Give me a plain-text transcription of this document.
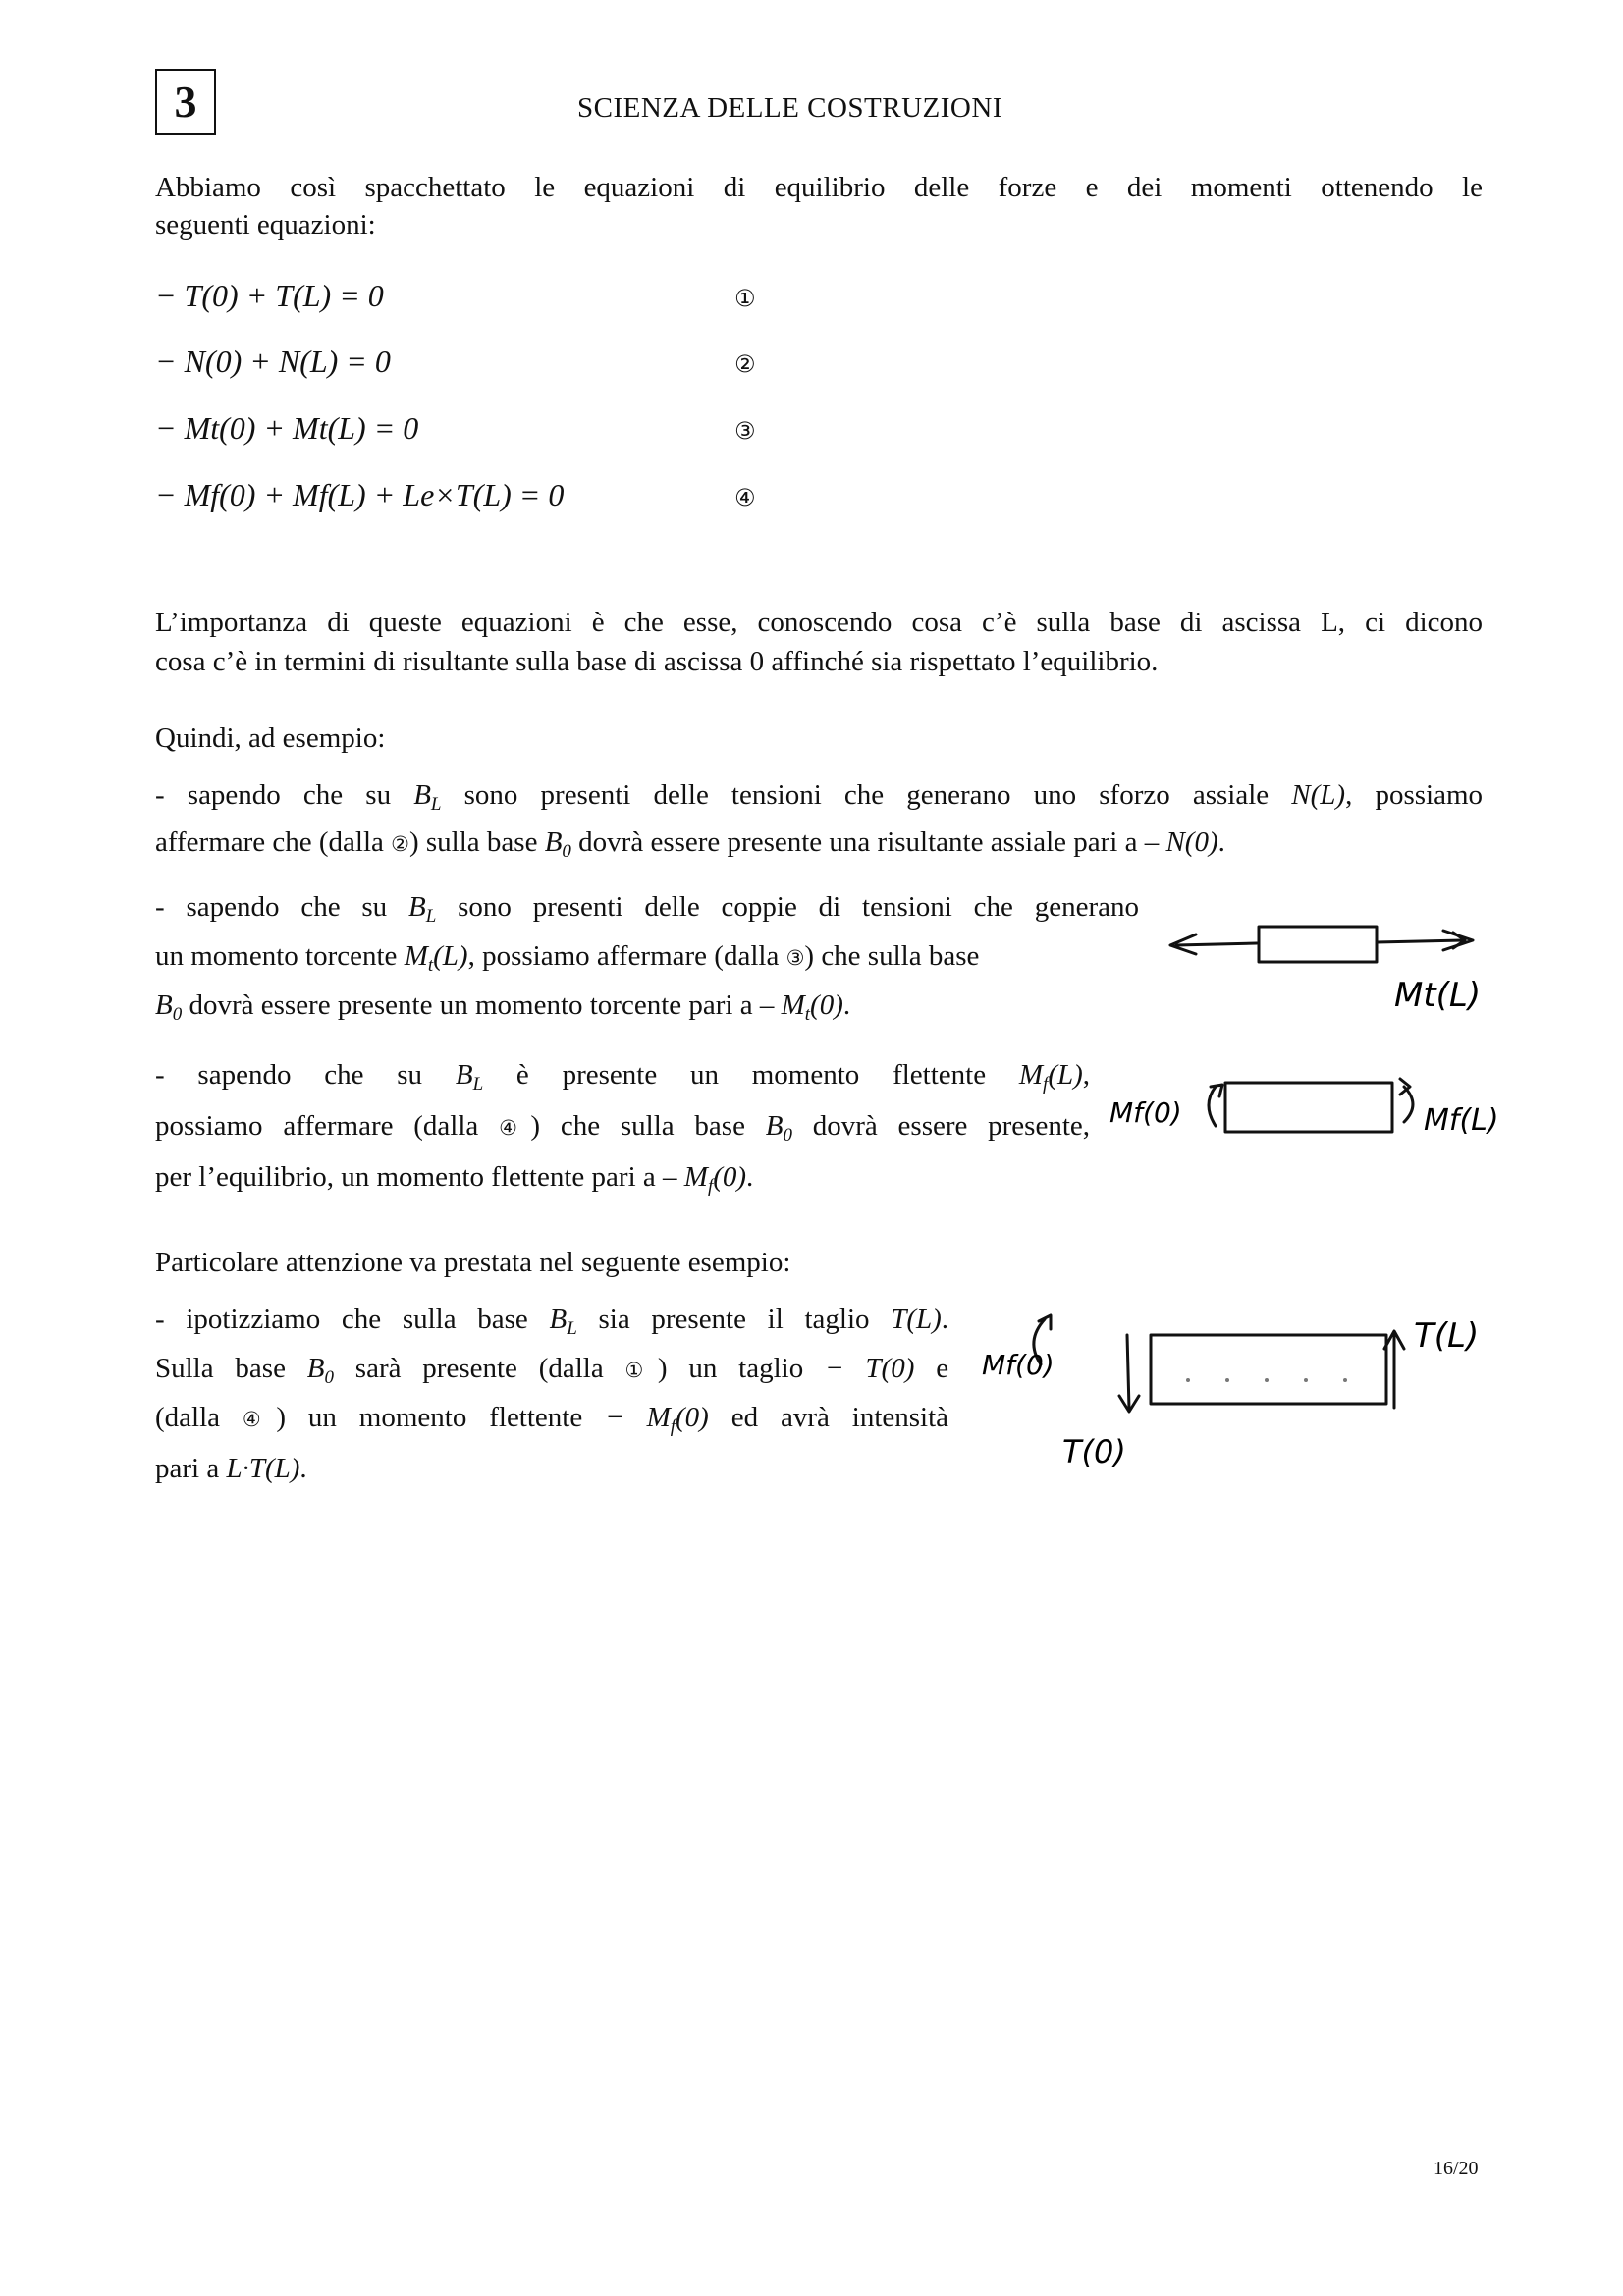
3	SCIENZA DELLE COSTRUZIONI
Abbiamo così spacchettato le equazioni di equilibrio delle forze e dei momenti ottenendo le
seguenti equazioni:
− T(0) + T(L) = 0	①
− N(0) + N(L) = 0	②
− Mt(0) + Mt(L) = 0	③
− Mf(0) + Mf(L) + Le×T(L) = 0	④
L’importanza di queste equazioni è che esse, conoscendo cosa c’è sulla base di ascissa L, ci dicono
cosa c’è in termini di risultante sulla base di ascissa 0 affinché sia rispettato l’equilibrio.
Quindi, ad esempio:
- sapendo che su $B_L$ sono presenti delle tensioni che generano uno sforzo assiale N(L), possiamo
affermare che (dalla ②) sulla base $B_0$ dovrà essere presente una risultante assiale pari a – N(0).
- sapendo che su $B_L$ sono presenti delle coppie di tensioni che generano
un momento torcente $M_t(L)$, possiamo affermare (dalla ③) che sulla base
$B_0$ dovrà essere presente un momento torcente pari a – $M_t(0)$.
- sapendo che su $B_L$ è presente un momento flettente $M_f(L)$,
possiamo affermare (dalla ④) che sulla base $B_0$ dovrà essere presente,
per l’equilibrio, un momento flettente pari a – $M_f(0)$.
Particolare attenzione va prestata nel seguente esempio:
- ipotizziamo che sulla base $B_L$ sia presente il taglio T(L).
Sulla base $B_0$ sarà presente (dalla ①) un taglio − T(0) e
(dalla ④) un momento flettente − $M_f(0)$ ed avrà intensità
pari a L·T(L).
Mt(L)
Mf(0)	Mf(L)
Mf(0)
T(0)
T(L)
16/20
